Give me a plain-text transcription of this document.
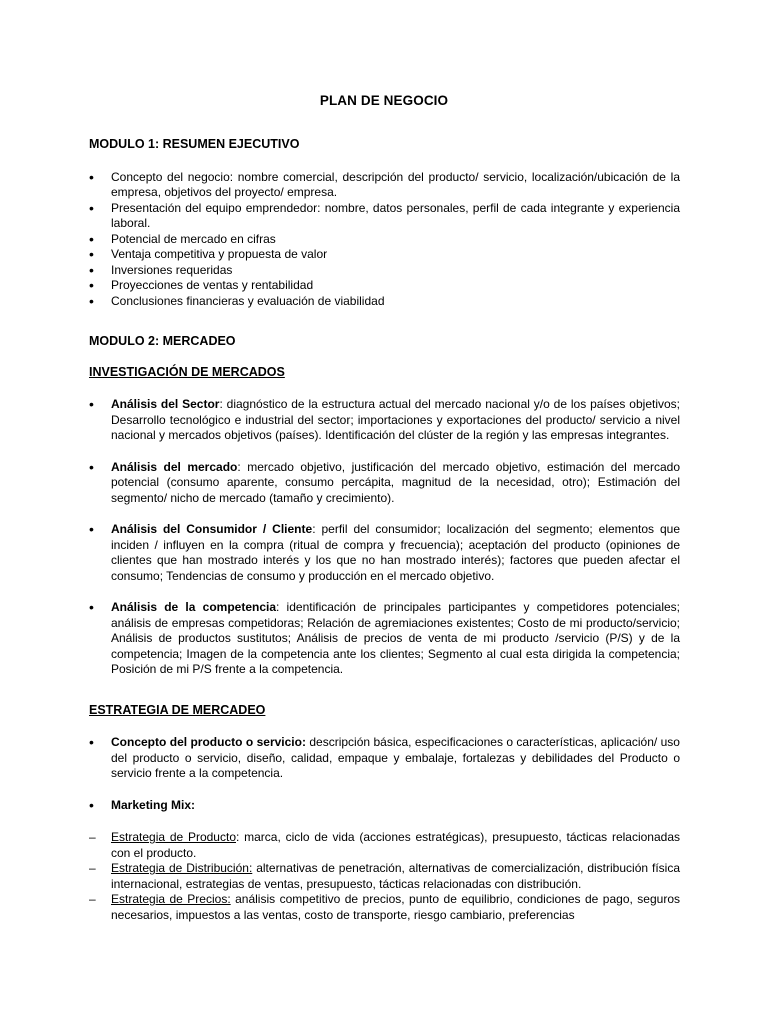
PLAN DE NEGOCIO
MODULO 1: RESUMEN EJECUTIVO
• Concepto del negocio: nombre comercial, descripción del producto/ servicio, localización/ubicación de la empresa, objetivos del proyecto/ empresa.
• Presentación del equipo emprendedor: nombre, datos personales, perfil de cada integrante y experiencia laboral.
• Potencial de mercado en cifras
• Ventaja competitiva y propuesta de valor
• Inversiones requeridas
• Proyecciones de ventas y rentabilidad
• Conclusiones financieras y evaluación de viabilidad
MODULO 2: MERCADEO
INVESTIGACIÓN DE MERCADOS
• Análisis del Sector: diagnóstico de la estructura actual del mercado nacional y/o de los países objetivos; Desarrollo tecnológico e industrial del sector; importaciones y exportaciones del producto/ servicio a nivel nacional y mercados objetivos (países). Identificación del clúster de la región y las empresas integrantes.
• Análisis del mercado: mercado objetivo, justificación del mercado objetivo, estimación del mercado potencial (consumo aparente, consumo percápita, magnitud de la necesidad, otro); Estimación del segmento/ nicho de mercado (tamaño y crecimiento).
• Análisis del Consumidor / Cliente: perfil del consumidor; localización del segmento; elementos que inciden / influyen en la compra (ritual de compra y frecuencia); aceptación del producto (opiniones de clientes que han mostrado interés y los que no han mostrado interés); factores que pueden afectar el consumo; Tendencias de consumo y producción en el mercado objetivo.
• Análisis de la competencia: identificación de principales participantes y competidores potenciales; análisis de empresas competidoras; Relación de agremiaciones existentes; Costo de mi producto/servicio; Análisis de productos sustitutos; Análisis de precios de venta de mi producto /servicio (P/S) y de la competencia; Imagen de la competencia ante los clientes; Segmento al cual esta dirigida la competencia; Posición de mi P/S frente a la competencia.
ESTRATEGIA DE MERCADEO
• Concepto del producto o servicio: descripción básica, especificaciones o características, aplicación/ uso del producto o servicio, diseño, calidad, empaque y embalaje, fortalezas y debilidades del Producto o servicio frente a la competencia.
• Marketing Mix:
– Estrategia de Producto: marca, ciclo de vida (acciones estratégicas), presupuesto, tácticas relacionadas con el producto.
– Estrategia de Distribución: alternativas de penetración, alternativas de comercialización, distribución física internacional, estrategias de ventas, presupuesto, tácticas relacionadas con distribución.
– Estrategia de Precios: análisis competitivo de precios, punto de equilibrio, condiciones de pago, seguros necesarios, impuestos a las ventas, costo de transporte, riesgo cambiario, preferencias
